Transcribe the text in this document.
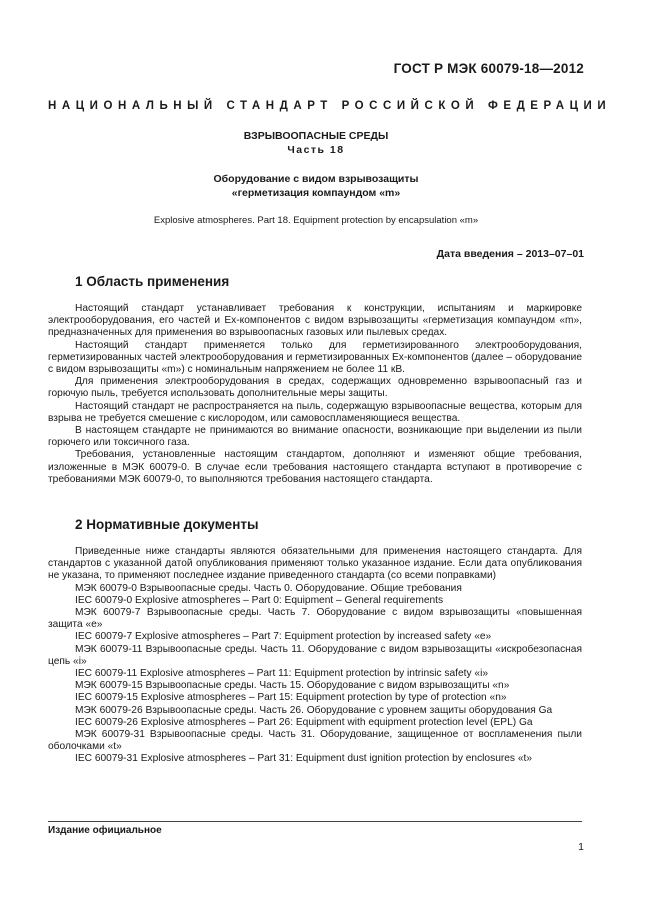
ГОСТ Р МЭК 60079-18—2012
НАЦИОНАЛЬНЫЙ СТАНДАРТ РОССИЙСКОЙ ФЕДЕРАЦИИ
ВЗРЫВООПАСНЫЕ СРЕДЫ
Часть 18
Оборудование с видом взрывозащиты
«герметизация компаундом «m»
Explosive atmospheres. Part 18. Equipment protection by encapsulation «m»
Дата введения – 2013–07–01
1 Область применения

Настоящий стандарт устанавливает требования к конструкции, испытаниям и маркировке электрооборудования, его частей и Ex-компонентов с видом взрывозащиты «герметизация компаундом «m», предназначенных для применения во взрывоопасных газовых или пылевых средах.

Настоящий стандарт применяется только для герметизированного электрооборудования, герметизированных частей электрооборудования и герметизированных Ex-компонентов (далее – оборудование с видом взрывозащиты «m») с номинальным напряжением не более 11 кВ.

Для применения электрооборудования в средах, содержащих одновременно взрывоопасный газ и горючую пыль, требуется использовать дополнительные меры защиты.

Настоящий стандарт не распространяется на пыль, содержащую взрывоопасные вещества, которым для взрыва не требуется смешение с кислородом, или самовоспламеняющиеся вещества.

В настоящем стандарте не принимаются во внимание опасности, возникающие при выделении из пыли горючего или токсичного газа.

Требования, установленные настоящим стандартом, дополняют и изменяют общие требования, изложенные в МЭК 60079-0. В случае если требования настоящего стандарта вступают в противоречие с требованиями МЭК 60079-0, то выполняются требования настоящего стандарта.

2 Нормативные документы

Приведенные ниже стандарты являются обязательными для применения настоящего стандарта. Для стандартов с указанной датой опубликования применяют только указанное издание. Если дата опубликования не указана, то применяют последнее издание приведенного стандарта (со всеми поправками)

МЭК 60079-0 Взрывоопасные среды. Часть 0. Оборудование. Общие требования

IEC 60079-0 Explosive atmospheres – Part 0: Equipment – General requirements

МЭК 60079-7 Взрывоопасные среды. Часть 7. Оборудование с видом взрывозащиты «повышенная защита «е»

IEC 60079-7 Explosive atmospheres – Part 7: Equipment protection by increased safety «е»

МЭК 60079-11 Взрывоопасные среды. Часть 11. Оборудование с видом взрывозащиты «искробезопасная цепь «i»

IEC 60079-11 Explosive atmospheres – Part 11: Equipment protection by intrinsic safety «i»

МЭК 60079-15 Взрывоопасные среды. Часть 15. Оборудование с видом взрывозащиты «n»

IEC 60079-15 Explosive atmospheres – Part 15: Equipment protection by type of protection «n»

МЭК 60079-26 Взрывоопасные среды. Часть 26. Оборудование с уровнем защиты оборудования Ga

IEC 60079-26 Explosive atmospheres – Part 26: Equipment with equipment protection level (EPL) Ga

МЭК 60079-31 Взрывоопасные среды. Часть 31. Оборудование, защищенное от воспламенения пыли оболочками «t»

IEC 60079-31 Explosive atmospheres – Part 31: Equipment dust ignition protection by enclosures «t»

Издание официальное
1
